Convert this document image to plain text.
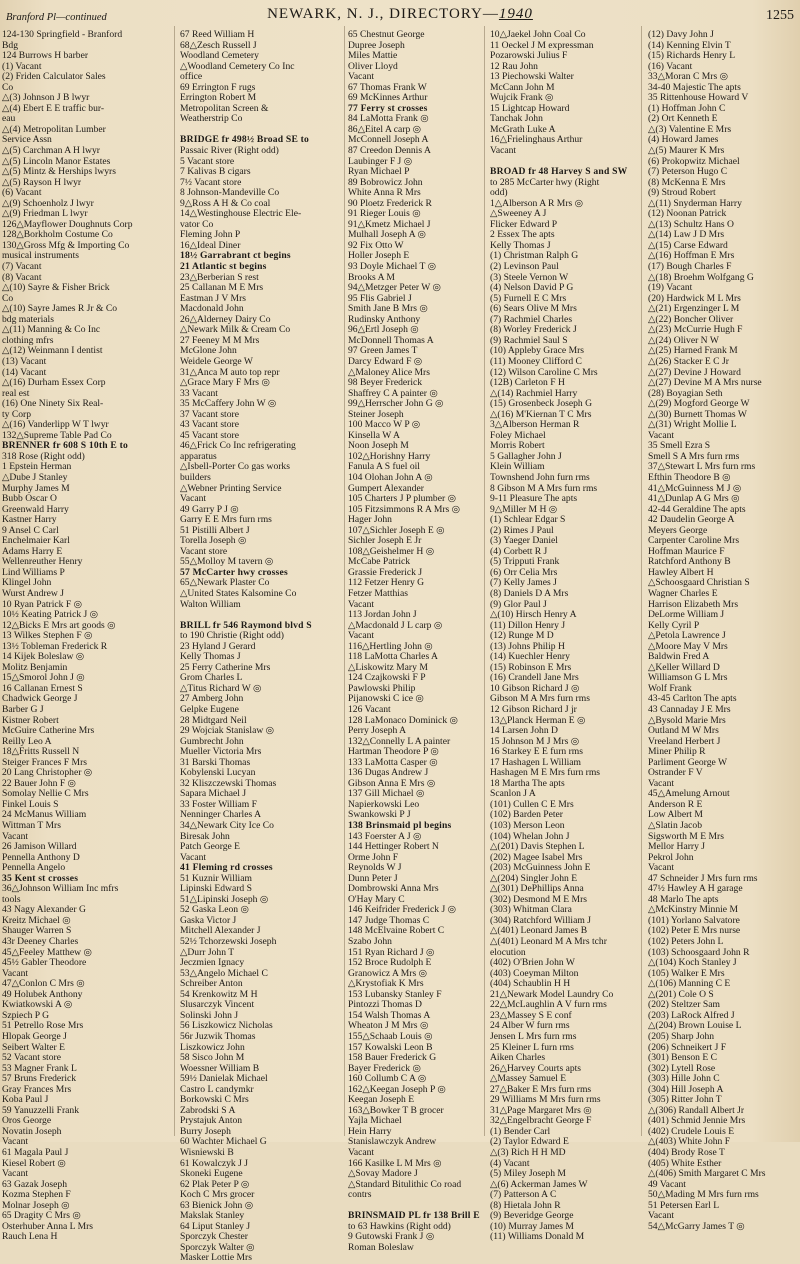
Branford Pl—continued	NEWARK, N. J., DIRECTORY—1940	1255
124-130 Springfield - Branford
Bdg
124 Burrows H barber
(1) Vacant
(2) Friden Calculator Sales
Co
△(3) Johnson J B lwyr
△(4) Ebert E E traffic bur-
eau
△(4) Metropolitan Lumber
Service Assn
△(5) Carchman A H lwyr
△(5) Lincoln Manor Estates
△(5) Mintz & Herships lwyrs
△(5) Rayson H lwyr
(6) Vacant
△(9) Schoenholz J lwyr
△(9) Friedman L lwyr
126△Mayflower Doughnuts Corp
128△Borkholm Costume Co
130△Gross Mfg & Importing Co
musical instruments
(7) Vacant
(8) Vacant
△(10) Sayre & Fisher Brick
Co
△(10) Sayre James R Jr & Co
bdg materials
△(11) Manning & Co Inc
clothing mfrs
△(12) Weinmann I dentist
(13) Vacant
(14) Vacant
△(16) Durham Essex Corp
real est
(16) One Ninety Six Real-
ty Corp
△(16) Vanderlipp W T lwyr
132△Supreme Table Pad Co
BRENNER fr 608 S 10th E to
318 Rose (Right odd)
1 Epstein Herman
△Dube J Stanley
Murphy James M
Bubb Oscar O
Greenwald Harry
Kastner Harry
9 Ansel C Carl
Enchelmaier Karl
Adams Harry E
Wellenreuther Henry
Lind Williams P
Klingel John
Wurst Andrew J
10 Ryan Patrick F ◎
10½ Keating Patrick J ◎
12△Bicks E Mrs art goods ◎
13 Wilkes Stephen F ◎
13½ Tobleman Frederick R
14 Kijek Boleslaw ◎
Molitz Benjamin
15△Smorol John J ◎
16 Callanan Ernest S
Chadwick George J
Barber G J
Kistner Robert
McGuire Catherine Mrs
Reilly Leo A
18△Fritts Russell N
Steiger Frances F Mrs
20 Lang Christopher ◎
22 Bauer John F ◎
Somolay Nellie C Mrs
Finkel Louis S
24 McManus William
Wittman T Mrs
Vacant
26 Jamison Willard
Pennella Anthony D
Pennella Angelo
35 Kent st crosses
36△Johnson William Inc mfrs
tools
43 Nagy Alexander G
Kreitz Michael ◎
Shauger Warren S
43r Deeney Charles
45△Feeley Matthew ◎
45½ Gabler Theodore
Vacant
47△Conlon C Mrs ◎
49 Holubek Anthony
Kwiatkowski A ◎
Szpiech P G
51 Petrello Rose Mrs
Hlopak George J
Seibert Walter E
52 Vacant store
53 Magner Frank L
57 Bruns Frederick
Gray Frances Mrs
Koba Paul J
59 Yanuzzelli Frank
Oros George
Novatin Joseph
Vacant
61 Magala Paul J
Kiesel Robert ◎
Vacant
63 Gazak Joseph
Kozma Stephen F
Molnar Joseph ◎
65 Dragity C Mrs ◎
Osterhuber Anna L Mrs
Rauch Lena H
67 Reed William H
68△Zesch Russell J
Woodland Cemetery
△Woodland Cemetery Co Inc
office
69 Errington F rugs
Errington Robert M
Metropolitan Screen &
Weatherstrip Co

BRIDGE fr 498½ Broad SE to
Passaic River (Right odd)
5 Vacant store
7 Kalivas B cigars
7½ Vacant store
8 Johnson-Mandeville Co
9△Ross A H & Co coal
14△Westinghouse Electric Ele-
vator Co
Fleming John P
16△Ideal Diner
18½ Garrabrant ct begins
21 Atlantic st begins
23△Berberian S rest
25 Callanan M E Mrs
Eastman J V Mrs
Macdonald John
26△Alderney Dairy Co
△Newark Milk & Cream Co
27 Feeney M M Mrs
McGlone John
Weidele George W
31△Anca M auto top repr
△Grace Mary F Mrs ◎
33 Vacant
35 McCaffery John W ◎
37 Vacant store
43 Vacant store
45 Vacant store
46△Frick Co Inc refrigerating
apparatus
△Isbell-Porter Co gas works
builders
△Webner Printing Service
Vacant
49 Garry P J ◎
Garry E E Mrs furn rms
51 Pistilli Albert J
Torella Joseph ◎
Vacant store
55△Molloy M tavern ◎
57 McCarter hwy crosses
65△Newark Plaster Co
△United States Kalsomine Co
Walton William

BRILL fr 546 Raymond blvd S
to 190 Christie (Right odd)
23 Hyland J Gerard
Kelly Thomas J
25 Ferry Catherine Mrs
Grom Charles L
△Titus Richard W ◎
27 Amberg John
Gelpke Eugene
28 Midtgard Neil
29 Wojciak Stanislaw ◎
Gumbrecht John
Mueller Victoria Mrs
31 Barski Thomas
Kobylenski Lucyan
32 Kliszczewski Thomas
Sapara Michael J
33 Foster William F
Nenninger Charles A
34△Newark City Ice Co
Biresak John
Patch George E
Vacant
41 Fleming rd crosses
51 Kuznir William
Lipinski Edward S
51△Lipinski Joseph ◎
52 Gaska Leon ◎
Gaska Victor J
Mitchell Alexander J
52½ Tchorzewski Joseph
△Durr John T
Jeczmien Ignacy
53△Angelo Michael C
Schreiber Anton
54 Krenkowitz M H
Slusarczyk Vincent
Solinski John J
56 Liszkowicz Nicholas
56r Juzwik Thomas
Liszkowicz John
58 Sisco John M
Woessner William B
59½ Danielak Michael
Castro L candymkr
Borkowski C Mrs
Zabrodski S A
Prystajuk Anton
Burry Joseph
60 Wachter Michael G
Wisniewski B
61 Kowalczyk J J
Skoneki Eugene
62 Plak Peter P ◎
Koch C Mrs grocer
63 Bienick John ◎
Makslak Stanley
64 Liput Stanley J
Sporczyk Chester
Sporczyk Walter ◎
Masker Lottie Mrs
65 Chestnut George
Dupree Joseph
Miles Mattie
Oliver Lloyd
Vacant
67 Thomas Frank W
69 McKinnes Arthur
77 Ferry st crosses
84 LaMotta Frank ◎
86△Eitel A carp ◎
McConnell Joseph A
87 Creedon Dennis A
Laubinger F J ◎
Ryan Michael P
89 Bobrowicz John
White Anna R Mrs
90 Ploetz Frederick R
91 Rieger Louis ◎
91△Kmetz Michael J
Mulhall Joseph A ◎
92 Fix Otto W
Holler Joseph E
93 Doyle Michael T ◎
Brooks A M
94△Metzger Peter W ◎
95 Flis Gabriel J
Smith Jane B Mrs ◎
Rudinsky Anthony
96△Ertl Joseph ◎
McDonnell Thomas A
97 Green James T
Darcy Edward F ◎
△Maloney Alice Mrs
98 Beyer Frederick
Shaffrey C A painter ◎
99△Herrscher John G ◎
Steiner Joseph
100 Macco W P ◎
Kinsella W A
Noon Joseph M
102△Horishny Harry
Fanula A S fuel oil
104 Olohan John A ◎
Gumpert Alexander
105 Charters J P plumber ◎
105 Fitzsimmons R A Mrs ◎
Hager John
107△Sichler Joseph E ◎
Sichler Joseph E Jr
108△Geishelmer H ◎
McCabe Patrick
Grassie Frederick J
112 Fetzer Henry G
Fetzer Matthias
Vacant
113 Jordan John J
△Macdonald J L carp ◎
Vacant
116△Hertling John ◎
118 LaMotta Charles A
△Liskowitz Mary M
124 Czajkowski F P
Pawlowski Philip
Pijanowski C ice ◎
126 Vacant
128 LaMonaco Dominick ◎
Perry Joseph A
132△Connelly L A painter
Hartman Theodore P ◎
133 LaMotta Casper ◎
136 Dugas Andrew J
Gibson Anna E Mrs ◎
137 Gill Michael ◎
Napierkowski Leo
Swankowski P J
138 Brinsmaid pl begins
143 Foerster A J ◎
144 Hettinger Robert N
Orme John F
Reynolds W J
Dunn Peter J
Dombrowski Anna Mrs
O'Hay Mary C
146 Keifrider Frederick J ◎
147 Judge Thomas C
148 McElvaine Robert C
Szabo John
151 Ryan Richard J ◎
152 Broce Rudolph E
Granowicz A Mrs ◎
△Krystofiak K Mrs
153 Lubansky Stanley F
Pintozzi Thomas D
154 Walsh Thomas A
Wheaton J M Mrs ◎
155△Schaab Louis ◎
157 Kowalski Leon B
158 Bauer Frederick G
Bayer Frederick ◎
160 Collumb C A ◎
162△Keegan Joseph P ◎
Keegan Joseph E
163△Bowker T B grocer
Yajla Michael
Hein Harry
Stanislawczyk Andrew
Vacant
166 Kasilke L M Mrs ◎
△Sovay Madore J
△Standard Bitulithic Co road
contrs

BRINSMAID PL fr 138 Brill E
to 63 Hawkins (Right odd)
9 Gutowski Frank J ◎
Roman Boleslaw
10△Jaekel John Coal Co
11 Oeckel J M expressman
Pozarowski Julius F
12 Rau John
13 Piechowski Walter
McCann John M
Wujcik Frank ◎
15 Lightcap Howard
Tanchak John
McGrath Luke A
16△Frielinghaus Arthur
Vacant

BROAD fr 48 Harvey S and SW
to 285 McCarter hwy (Right
odd)
1△Alberson A R Mrs ◎
△Sweeney A J
Flicker Edward P
2 Essex The apts
Kelly Thomas J
(1) Christman Ralph G
(2) Levinson Paul
(3) Steele Vernon W
(4) Nelson David P G
(5) Furnell E C Mrs
(6) Sears Olive M Mrs
(7) Rachmiel Charles
(8) Worley Frederick J
(9) Rachmiel Saul S
(10) Appleby Grace Mrs
(11) Mooney Clifford C
(12) Wilson Caroline C Mrs
(12B) Carleton F H
△(14) Rachmiel Harry
(15) Grosenbeck Joseph G
△(16) M'Kiernan T C Mrs
3△Alberson Herman R
Foley Michael
Morris Robert
5 Gallagher John J
Klein William
Townshend John furn rms
8 Gibson M A Mrs furn rms
9-11 Pleasure The apts
9△Miller M H ◎
(1) Schlear Edgar S
(2) Rimes J Paul
(3) Yaeger Daniel
(4) Corbett R J
(5) Tripputi Frank
(6) Orr Celia Mrs
(7) Kelly James J
(8) Daniels D A Mrs
(9) Glor Paul J
△(10) Hirsch Henry A
(11) Dillon Henry J
(12) Runge M D
(13) Johns Philip H
(14) Kuechler Henry
(15) Robinson E Mrs
(16) Crandell Jane Mrs
10 Gibson Richard J ◎
Gibson M A Mrs furn rms
12 Gibson Richard J jr
13△Planck Herman E ◎
14 Larsen John D
15 Johnson M J Mrs ◎
16 Starkey E E furn rms
17 Hashagen L William
Hashagen M E Mrs furn rms
18 Martha The apts
Scanlon J A
(101) Cullen C E Mrs
(102) Barden Peter
(103) Merson Leon
(104) Whelan John J
△(201) Davis Stephen L
(202) Magee Isabel Mrs
(203) McGuinness John E
△(204) Singler John E
△(301) DePhillips Anna
(302) Desmond M E Mrs
(303) Whitman Clara
(304) Ratchford William J
△(401) Leonard James B
△(401) Leonard M A Mrs tchr
elocution
(402) O'Brien John W
(403) Coeyman Milton
(404) Schaublin H H
21△Newark Model Laundry Co
22△McLaughlin A V furn rms
23△Massey S E conf
24 Alber W furn rms
Jensen L Mrs furn rms
25 Kleiner L furn rms
Aiken Charles
26△Harvey Courts apts
△Massey Samuel E
27△Baker E Mrs furn rms
29 Williams M Mrs furn rms
31△Page Margaret Mrs ◎
32△Engelbracht George F
(1) Bender Carl
(2) Taylor Edward E
△(3) Rich H H MD
(4) Vacant
(5) Miley Joseph M
△(6) Ackerman James W
(7) Patterson A C
(8) Hietala John R
(9) Beveridge George
(10) Murray James M
(11) Williams Donald M
(12) Davy John J
(14) Kenning Elvin T
(15) Richards Henry L
(16) Vacant
33△Moran C Mrs ◎
34-40 Majestic The apts
35 Rittenhouse Howard V
(1) Hoffman John C
(2) Ort Kenneth E
△(3) Valentine E Mrs
(4) Howard James
△(5) Maurer K Mrs
(6) Prokopwitz Michael
(7) Peterson Hugo C
(8) McKenna E Mrs
(9) Stroud Robert
△(11) Snyderman Harry
(12) Noonan Patrick
△(13) Schultz Hans O
△(14) Law J D Mrs
△(15) Carse Edward
△(16) Hoffman E Mrs
(17) Bough Charles F
△(18) Broehm Wolfgang G
(19) Vacant
(20) Hardwick M L Mrs
△(21) Ergenzinger L M
△(22) Boncher Oliver
△(23) McCurrie Hugh F
△(24) Oliver N W
△(25) Harned Frank M
△(26) Stacker E C Jr
△(27) Devine J Howard
△(27) Devine M A Mrs nurse
(28) Boyagian Seth
△(29) Mogford George W
△(30) Burnett Thomas W
△(31) Wright Mollie L
Vacant
35 Smell Ezra S
Smell S A Mrs furn rms
37△Stewart L Mrs furn rms
Efthin Theodore B ◎
41△McGuinness M J ◎
41△Dunlap A G Mrs ◎
42-44 Geraldine The apts
42 Daudelin George A
Meyers George
Carpenter Caroline Mrs
Hoffman Maurice F
Ratchford Anthony B
Hawley Albert H
△Schoosgaard Christian S
Wagner Charles E
Harrison Elizabeth Mrs
DeLorme William J
Kelly Cyril P
△Petola Lawrence J
△Moore May V Mrs
Baldwin Fred A
△Keller Willard D
Williamson G L Mrs
Wolf Frank
43-45 Carlton The apts
43 Cannaday J E Mrs
△Bysold Marie Mrs
Outland M W Mrs
Vreeland Herbert J
Miner Philip R
Parliment George W
Ostrander F V
Vacant
45△Amelung Arnout
Anderson R E
Low Albert M
△Slatin Jacob
Sigsworth M E Mrs
Mellor Harry J
Pekrol John
Vacant
47 Schneider J Mrs furn rms
47½ Hawley A H garage
48 Marlo The apts
△McKinstry Minnie M
(101) Yorlano Salvatore
(102) Peter E Mrs nurse
(102) Peters John L
(103) Schoosgaard John R
△(104) Koch Stanley J
(105) Walker E Mrs
△(106) Manning C E
△(201) Cole O S
(202) Steltzer Sam
(203) LaRock Alfred J
△(204) Brown Louise L
(205) Sharp John
(206) Schneikert J F
(301) Benson E C
(302) Lytell Rose
(303) Hille John C
(304) Hill Joseph A
(305) Ritter John T
△(306) Randall Albert Jr
(401) Schmid Jennie Mrs
(402) Crudele Louis E
△(403) White John F
(404) Brody Rose T
(405) White Esther
△(406) Smith Margaret C Mrs
49 Vacant
50△Mading M Mrs furn rms
51 Petersen Earl L
Vacant
54△McGarry James T ◎
